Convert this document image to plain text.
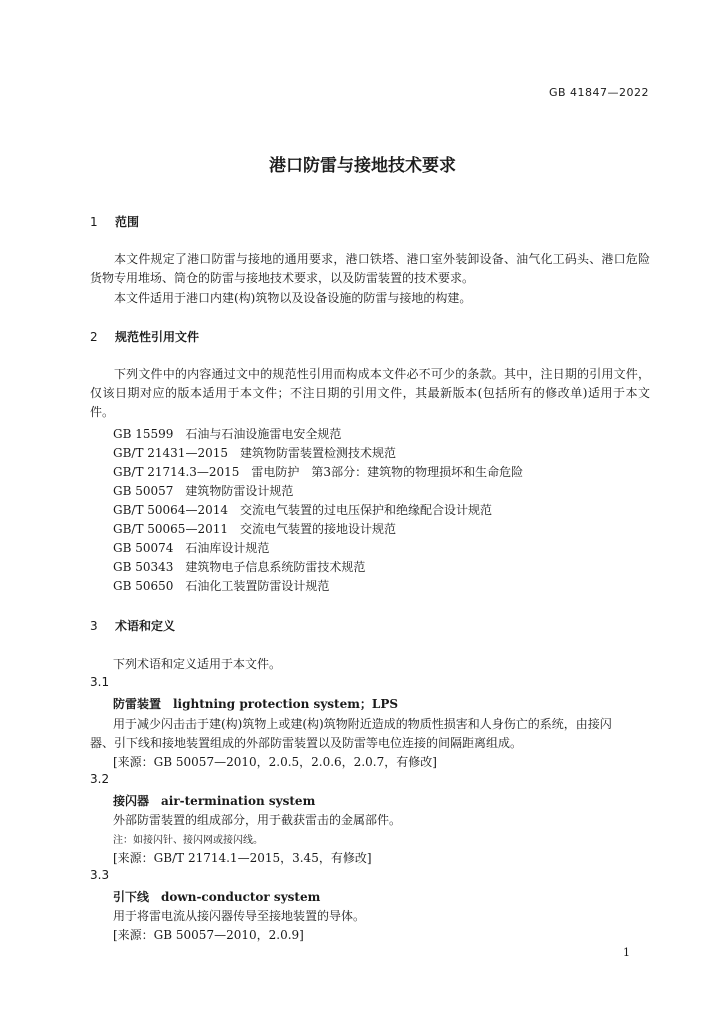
GB 41847—2022
港口防雷与接地技术要求
1 范围
本文件规定了港口防雷与接地的通用要求，港口铁塔、港口室外装卸设备、油气化工码头、港口危险货物专用堆场、筒仓的防雷与接地技术要求，以及防雷装置的技术要求。
本文件适用于港口内建(构)筑物以及设备设施的防雷与接地的构建。
2 规范性引用文件
下列文件中的内容通过文中的规范性引用而构成本文件必不可少的条款。其中，注日期的引用文件，仅该日期对应的版本适用于本文件；不注日期的引用文件，其最新版本(包括所有的修改单)适用于本文件。
GB 15599　石油与石油设施雷电安全规范
GB/T 21431—2015　建筑物防雷装置检测技术规范
GB/T 21714.3—2015　雷电防护　第3部分：建筑物的物理损坏和生命危险
GB 50057　建筑物防雷设计规范
GB/T 50064—2014　交流电气装置的过电压保护和绝缘配合设计规范
GB/T 50065—2011　交流电气装置的接地设计规范
GB 50074　石油库设计规范
GB 50343　建筑物电子信息系统防雷技术规范
GB 50650　石油化工装置防雷设计规范
3 术语和定义
下列术语和定义适用于本文件。
3.1
防雷装置　lightning protection system；LPS
用于减少闪击击于建(构)筑物上或建(构)筑物附近造成的物质性损害和人身伤亡的系统，由接闪
器、引下线和接地装置组成的外部防雷装置以及防雷等电位连接的间隔距离组成。
[来源：GB 50057—2010，2.0.5，2.0.6，2.0.7，有修改]
3.2
接闪器　air-termination system
外部防雷装置的组成部分，用于截获雷击的金属部件。
注：如接闪针、接闪网或接闪线。
[来源：GB/T 21714.1—2015，3.45，有修改]
3.3
引下线　down-conductor system
用于将雷电流从接闪器传导至接地装置的导体。
[来源：GB 50057—2010，2.0.9]
1
